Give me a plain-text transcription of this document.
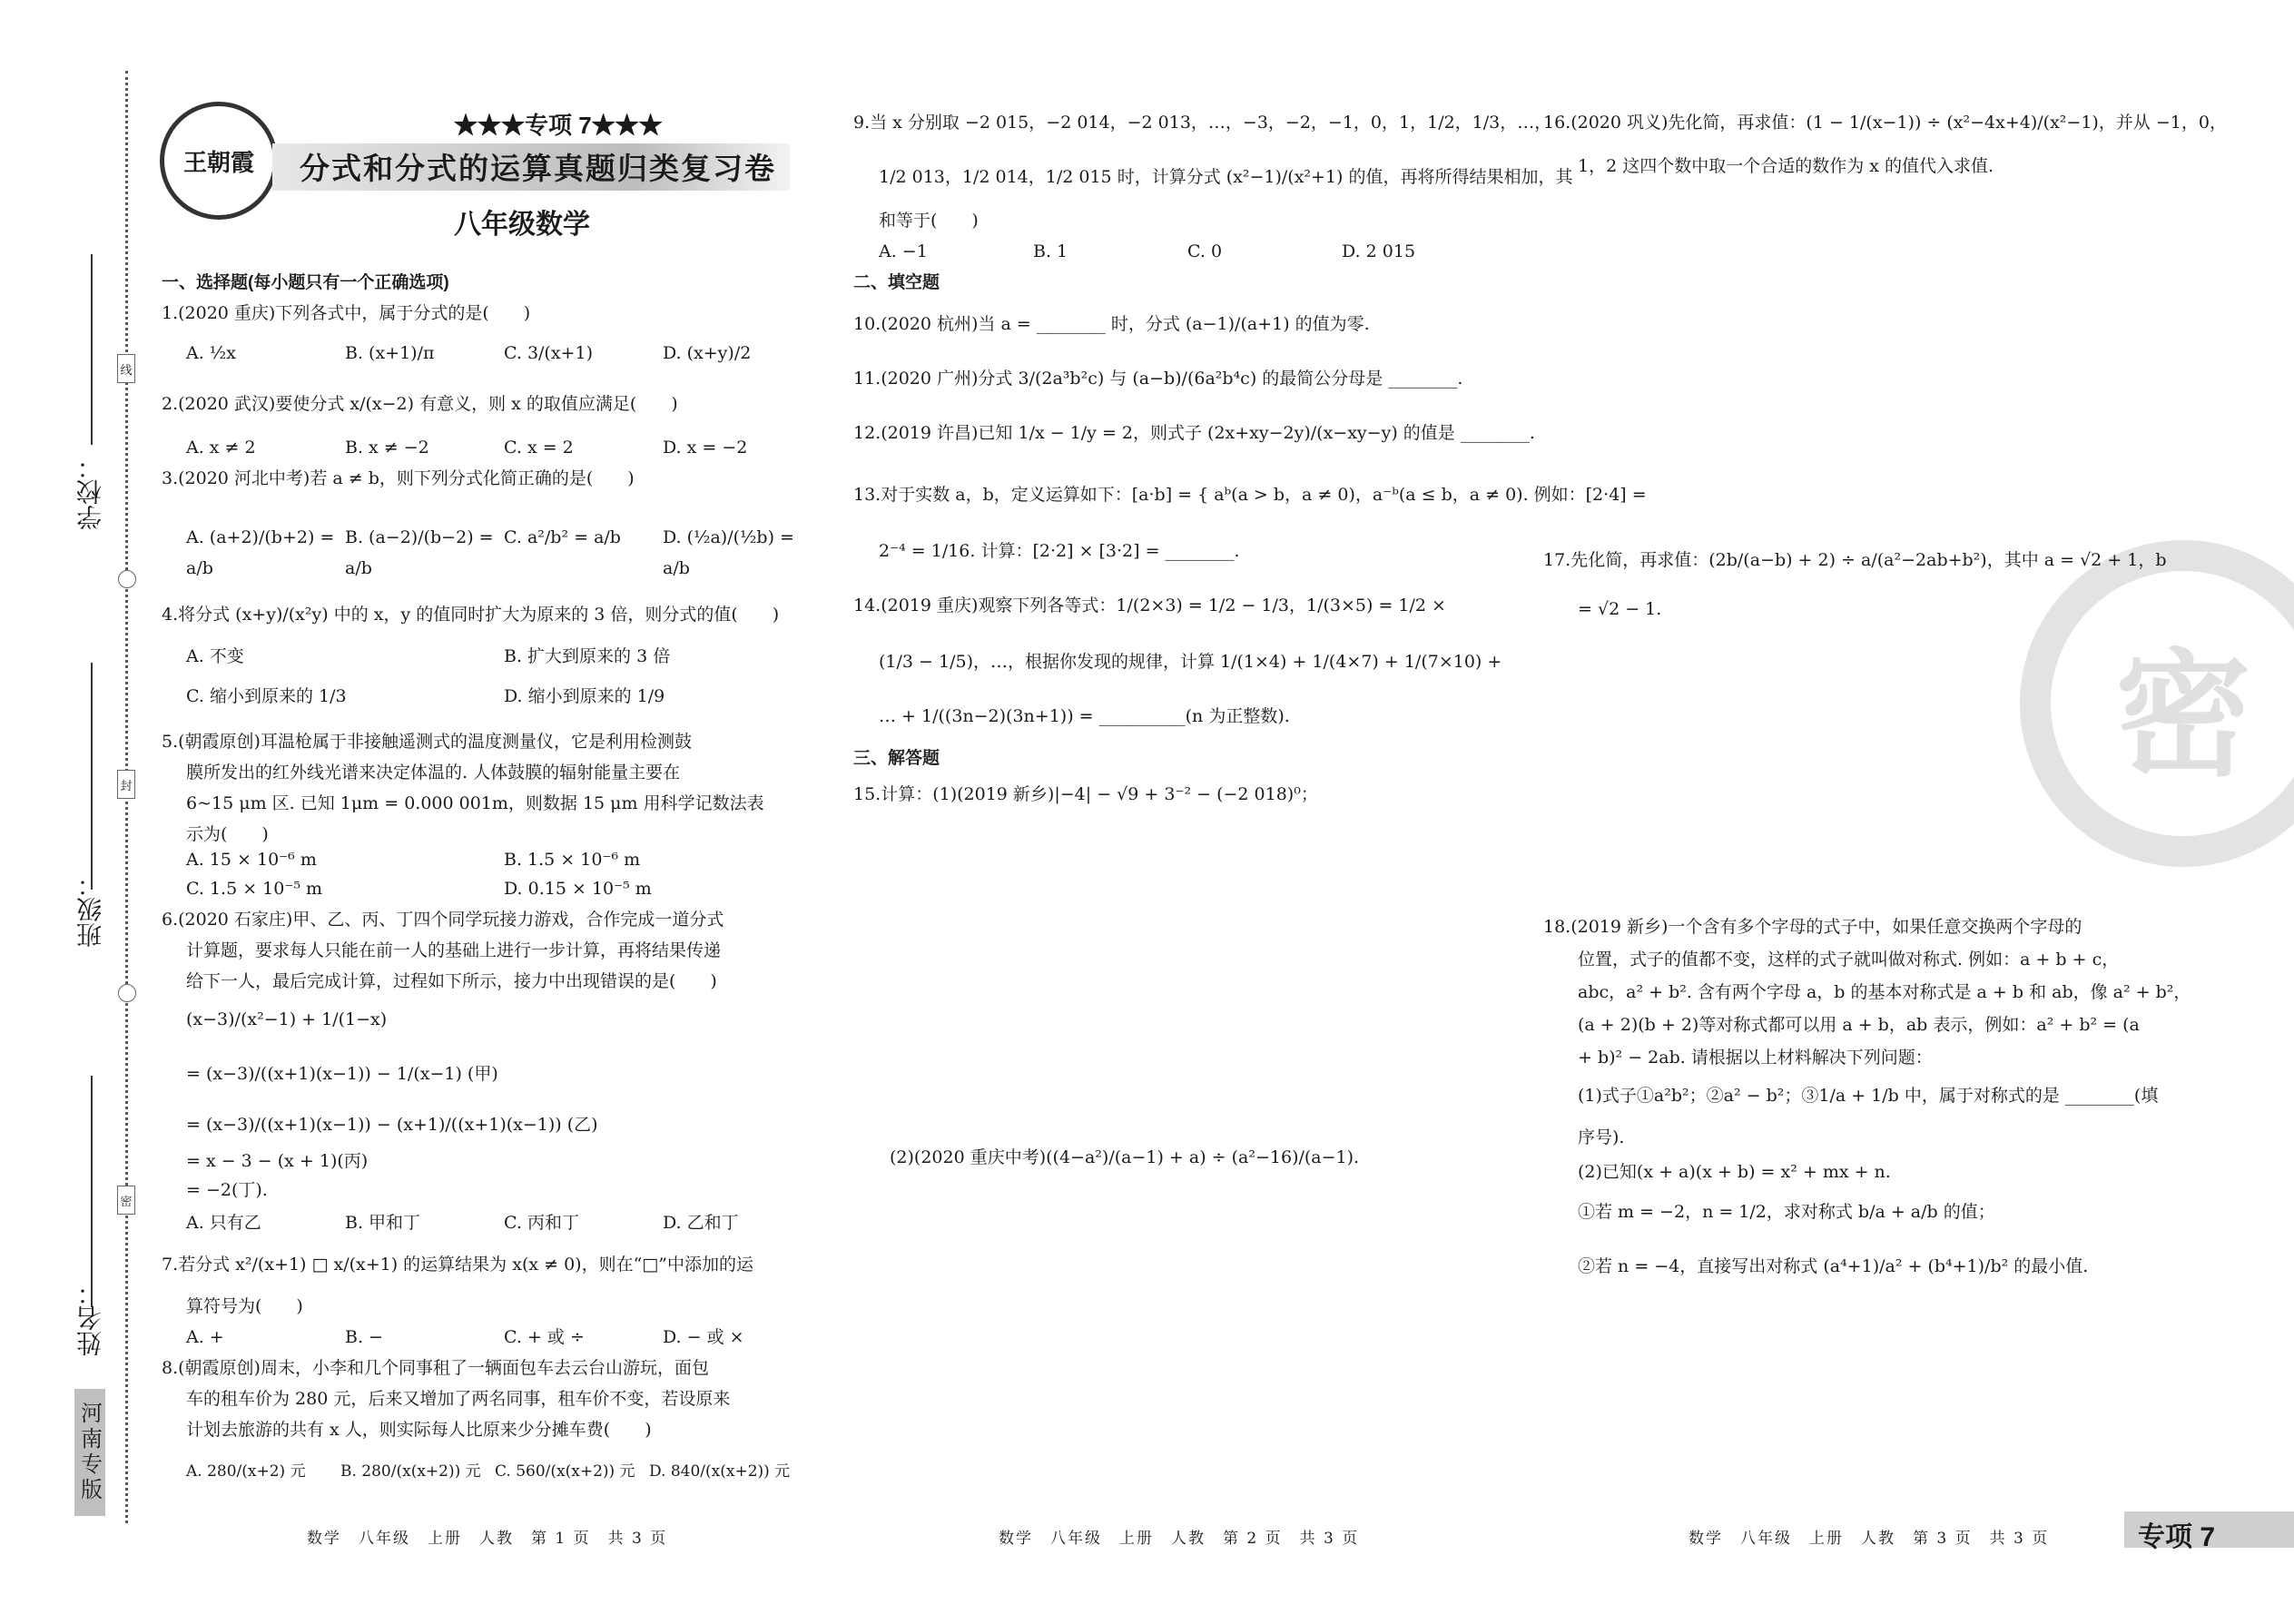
学校：
线
班级：
封
姓名：
密
河南专版
王朝霞
★★★专项 7★★★
分式和分式的运算真题归类复习卷
八年级数学
一、选择题(每小题只有一个正确选项)
1.(2020 重庆)下列各式中，属于分式的是(　　)
A. ½x	B. (x+1)/π	C. 3/(x+1)	D. (x+y)/2
2.(2020 武汉)要使分式 x/(x−2) 有意义，则 x 的取值应满足(　　)
A. x ≠ 2	B. x ≠ −2	C. x = 2	D. x = −2
3.(2020 河北中考)若 a ≠ b，则下列分式化简正确的是(　　)
A. (a+2)/(b+2) = a/b
B. (a−2)/(b−2) = a/b
C. a²/b² = a/b	D. (½a)/(½b) = a/b
4.将分式 (x+y)/(x²y) 中的 x，y 的值同时扩大为原来的 3 倍，则分式的值(　　)
A. 不变	B. 扩大到原来的 3 倍
C. 缩小到原来的 1/3	D. 缩小到原来的 1/9
5.(朝霞原创)耳温枪属于非接触遥测式的温度测量仪，它是利用检测鼓
膜所发出的红外线光谱来决定体温的. 人体鼓膜的辐射能量主要在
6~15 μm 区. 已知 1μm = 0.000 001m，则数据 15 μm 用科学记数法表
示为(　　)
A. 15 × 10⁻⁶ m	B. 1.5 × 10⁻⁶ m
C. 1.5 × 10⁻⁵ m	D. 0.15 × 10⁻⁵ m
6.(2020 石家庄)甲、乙、丙、丁四个同学玩接力游戏，合作完成一道分式
计算题，要求每人只能在前一人的基础上进行一步计算，再将结果传递
给下一人，最后完成计算，过程如下所示，接力中出现错误的是(　　)
(x−3)/(x²−1) + 1/(1−x)
= (x−3)/((x+1)(x−1)) − 1/(x−1) (甲)
= (x−3)/((x+1)(x−1)) − (x+1)/((x+1)(x−1)) (乙)
= x − 3 − (x + 1)(丙)
= −2(丁).
A. 只有乙	B. 甲和丁	C. 丙和丁	D. 乙和丁
7.若分式 x²/(x+1) □ x/(x+1) 的运算结果为 x(x ≠ 0)，则在“□”中添加的运
算符号为(　　)
A. +	B. −	C. + 或 ÷	D. − 或 ×
8.(朝霞原创)周末，小李和几个同事租了一辆面包车去云台山游玩，面包
车的租车价为 280 元，后来又增加了两名同事，租车价不变，若设原来
计划去旅游的共有 x 人，则实际每人比原来少分摊车费(　　)
A. 280/(x+2) 元	B. 280/(x(x+2)) 元 C. 560/(x(x+2)) 元 D. 840/(x(x+2)) 元
数学　八年级　上册　人教　第 1 页　共 3 页
9.当 x 分别取 −2 015，−2 014，−2 013，…，−3，−2，−1，0，1，1/2，1/3，…，
1/2 013，1/2 014，1/2 015 时，计算分式 (x²−1)/(x²+1) 的值，再将所得结果相加，其
和等于(　　)
A. −1	B. 1	C. 0	D. 2 015
二、填空题
10.(2020 杭州)当 a = ________ 时，分式 (a−1)/(a+1) 的值为零.
11.(2020 广州)分式 3/(2a³b²c) 与 (a−b)/(6a²b⁴c) 的最简公分母是 ________.
12.(2019 许昌)已知 1/x − 1/y = 2，则式子 (2x+xy−2y)/(x−xy−y) 的值是 ________.
13.对于实数 a，b，定义运算如下：[a·b] = { aᵇ(a > b，a ≠ 0)，a⁻ᵇ(a ≤ b，a ≠ 0). 例如：[2·4] =
2⁻⁴ = 1/16. 计算：[2·2] × [3·2] = ________.
14.(2019 重庆)观察下列各等式：1/(2×3) = 1/2 − 1/3，1/(3×5) = 1/2 ×
(1/3 − 1/5)，…，根据你发现的规律，计算 1/(1×4) + 1/(4×7) + 1/(7×10) +
… + 1/((3n−2)(3n+1)) = __________(n 为正整数).
三、解答题
15.计算：(1)(2019 新乡)|−4| − √9 + 3⁻² − (−2 018)⁰；
(2)(2020 重庆中考)((4−a²)/(a−1) + a) ÷ (a²−16)/(a−1).
数学　八年级　上册　人教　第 2 页　共 3 页
16.(2020 巩义)先化简，再求值：(1 − 1/(x−1)) ÷ (x²−4x+4)/(x²−1)，并从 −1，0，
1，2 这四个数中取一个合适的数作为 x 的值代入求值.
密
17.先化简，再求值：(2b/(a−b) + 2) ÷ a/(a²−2ab+b²)，其中 a = √2 + 1，b
= √2 − 1.
18.(2019 新乡)一个含有多个字母的式子中，如果任意交换两个字母的
位置，式子的值都不变，这样的式子就叫做对称式. 例如：a + b + c，
abc，a² + b². 含有两个字母 a，b 的基本对称式是 a + b 和 ab，像 a² + b²，
(a + 2)(b + 2)等对称式都可以用 a + b，ab 表示，例如：a² + b² = (a
+ b)² − 2ab. 请根据以上材料解决下列问题：
(1)式子①a²b²；②a² − b²；③1/a + 1/b 中，属于对称式的是 ________(填
序号).
(2)已知(x + a)(x + b) = x² + mx + n.
①若 m = −2，n = 1/2，求对称式 b/a + a/b 的值；
②若 n = −4，直接写出对称式 (a⁴+1)/a² + (b⁴+1)/b² 的最小值.
数学　八年级　上册　人教　第 3 页　共 3 页	专项 7
